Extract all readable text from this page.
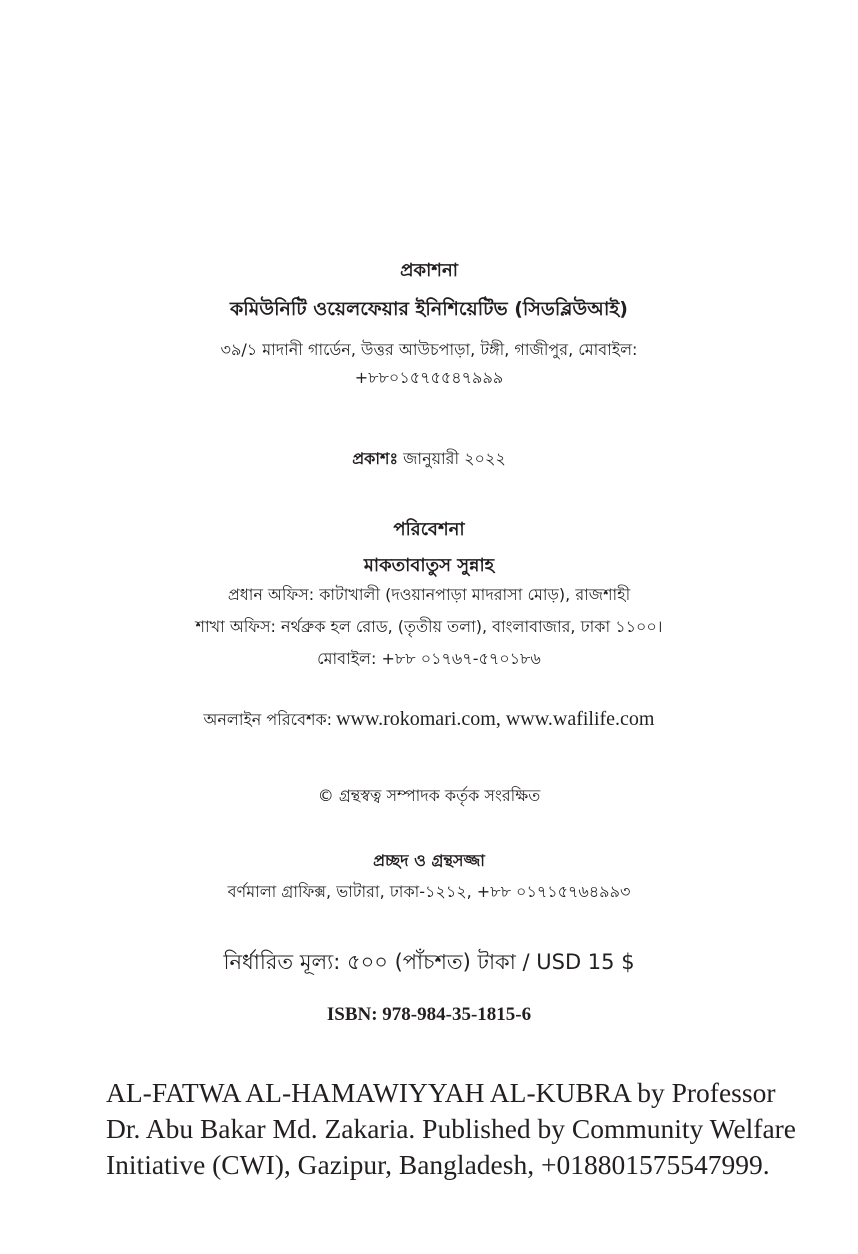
প্রকাশনা
কমিউনিটি ওয়েলফেয়ার ইনিশিয়েটিভ (সিডব্লিউআই)
৩৯/১ মাদানী গার্ডেন, উত্তর আউচপাড়া, টঙ্গী, গাজীপুর, মোবাইল:
+৮৮০১৫৭৫৫৪৭৯৯৯
প্রকাশঃ জানুয়ারী ২০২২
পরিবেশনা
মাকতাবাতুস সুন্নাহ
প্রধান অফিস: কাটাখালী (দওয়ানপাড়া মাদরাসা মোড়), রাজশাহী
শাখা অফিস: নর্থব্রুক হল রোড, (তৃতীয় তলা), বাংলাবাজার, ঢাকা ১১০০।
মোবাইল: +৮৮ ০১৭৬৭-৫৭০১৮৬
অনলাইন পরিবেশক: www.rokomari.com, www.wafilife.com
© গ্রন্থস্বত্ব সম্পাদক কর্তৃক সংরক্ষিত
প্রচ্ছদ ও গ্রন্থসজ্জা
বর্ণমালা গ্রাফিক্স, ভাটারা, ঢাকা-১২১২, +৮৮ ০১৭১৫৭৬৪৯৯৩
নির্ধারিত মূল্য: ৫০০ (পাঁচশত) টাকা / USD 15 $
ISBN: 978-984-35-1815-6
AL-FATWA AL-HAMAWIYYAH AL-KUBRA by Professor
Dr. Abu Bakar Md. Zakaria. Published by Community Welfare
Initiative (CWI), Gazipur, Bangladesh, +018801575547999.
